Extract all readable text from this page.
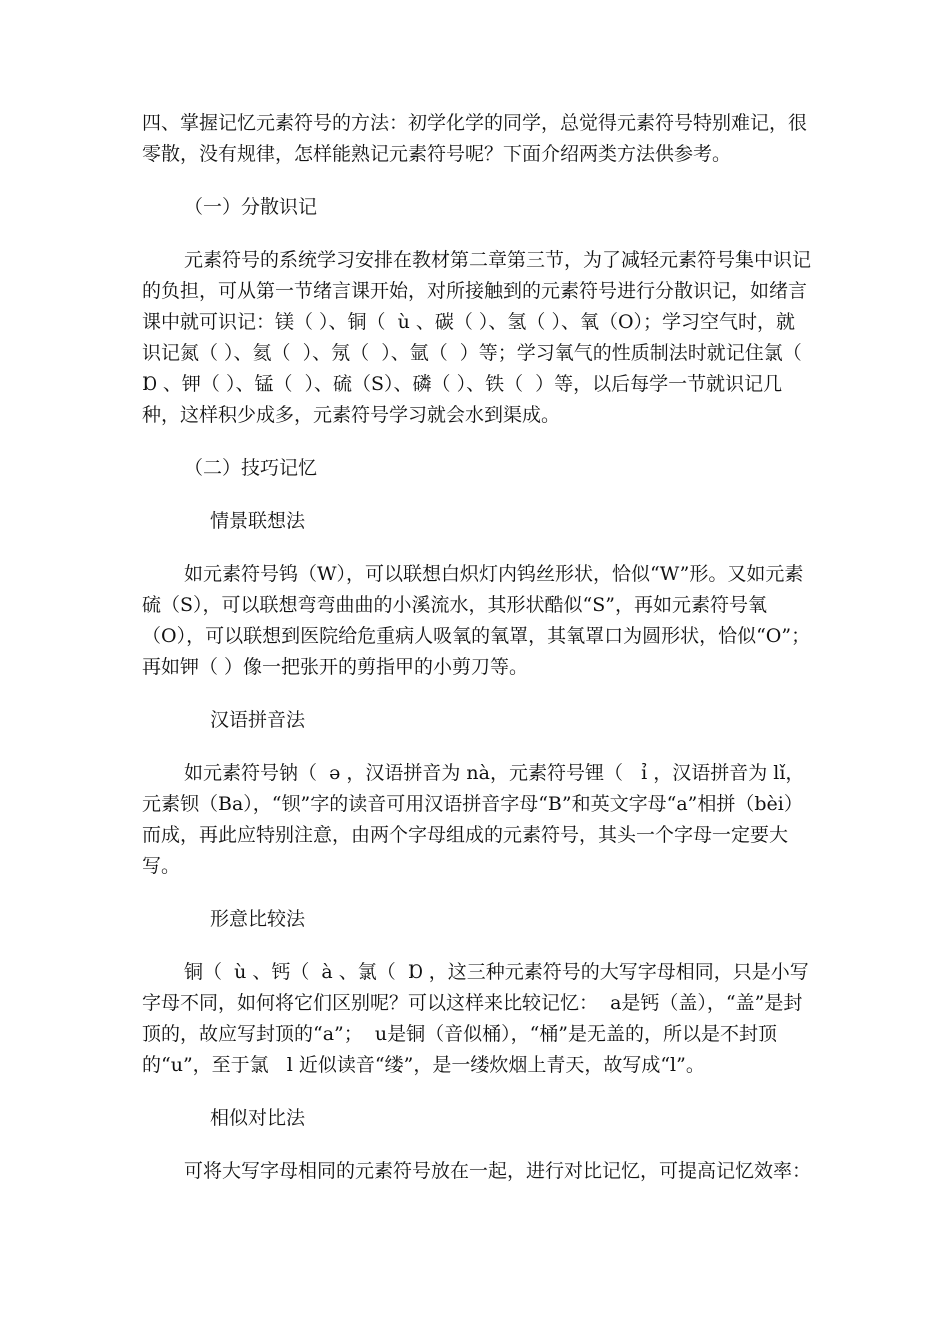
四、掌握记忆元素符号的方法：初学化学的同学，总觉得元素符号特别难记，很零散，没有规律，怎样能熟记元素符号呢？下面介绍两类方法供参考。

（一）分散识记

元素符号的系统学习安排在教材第二章第三节，为了减轻元素符号集中识记的负担，可从第一节绪言课开始，对所接触到的元素符号进行分散识记，如绪言课中就可识记：镁（ ）、铜（  ù 、碳（ ）、氢（ ）、氧（O）；学习空气时，就识记氮（ ）、氦（  ）、氖（  ）、氩（  ）等；学习氧气的性质制法时就记住氯（  Ɒ 、钾（ ）、锰（  ）、硫（S）、磷（ ）、铁（  ）等，以后每学一节就识记几种，这样积少成多，元素符号学习就会水到渠成。

（二）技巧记忆

情景联想法

如元素符号钨（W），可以联想白炽灯内钨丝形状，恰似“W”形。又如元素硫（S），可以联想弯弯曲曲的小溪流水，其形状酷似“S”，再如元素符号氧（O），可以联想到医院给危重病人吸氧的氧罩，其氧罩口为圆形状，恰似“O”；再如钾（ ）像一把张开的剪指甲的小剪刀等。

汉语拼音法

如元素符号钠（  ə ，汉语拼音为 nà，元素符号锂（   ỉ ，汉语拼音为 lǐ，元素钡（Ba），“钡”字的读音可用汉语拼音字母“B”和英文字母“a”相拼（bèi）而成，再此应特别注意，由两个字母组成的元素符号，其头一个字母一定要大写。

形意比较法

铜（  ù 、钙（  à 、氯（  Ɒ ，这三种元素符号的大写字母相同，只是小写字母不同，如何将它们区别呢？可以这样来比较记忆：  a是钙（盖），“盖”是封顶的，故应写封顶的“a”；  u是铜（音似桶），“桶”是无盖的，所以是不封顶的“u”，至于氯   l 近似读音“缕”，是一缕炊烟上青天，故写成“l”。

相似对比法

可将大写字母相同的元素符号放在一起，进行对比记忆，可提高记忆效率：
